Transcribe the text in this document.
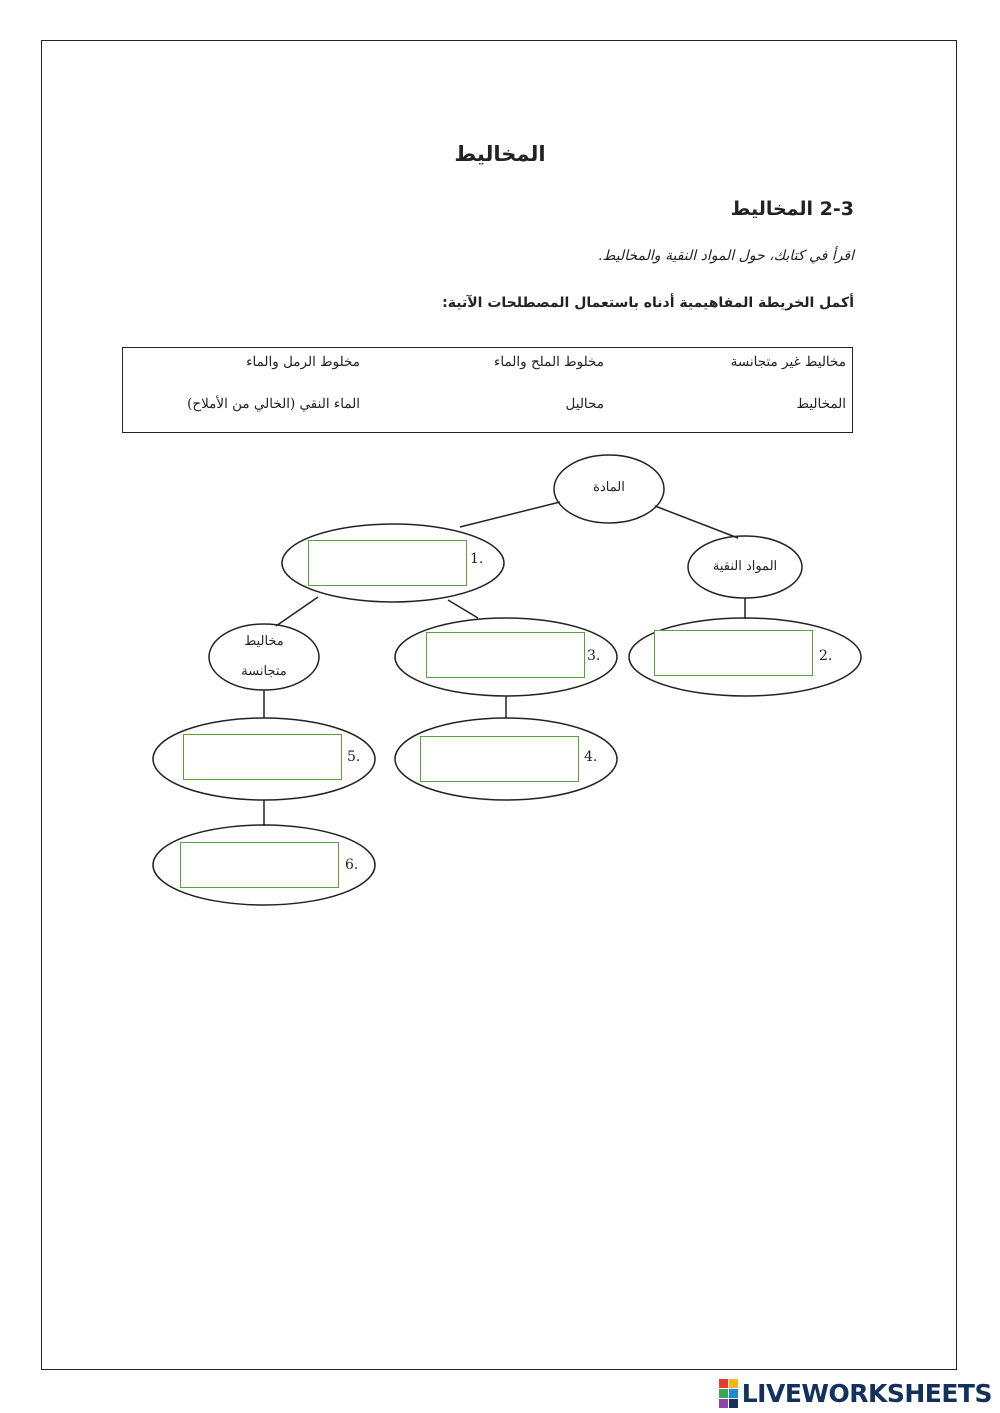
المخاليط
2-3 المخاليط
اقرأ في كتابك، حول المواد النقية والمخاليط.
أكمل الخريطة المفاهيمية أدناه باستعمال المصطلحات الآتية:
مخاليط غير متجانسة
مخلوط الملح والماء
مخلوط الرمل والماء
المخاليط
محاليل
الماء النقي (الخالي من الأملاح)
المادة
المواد النقية
مخاليط
متجانسة
1.
2.
3.
4.
5.
6.
LIVEWORKSHEETS
